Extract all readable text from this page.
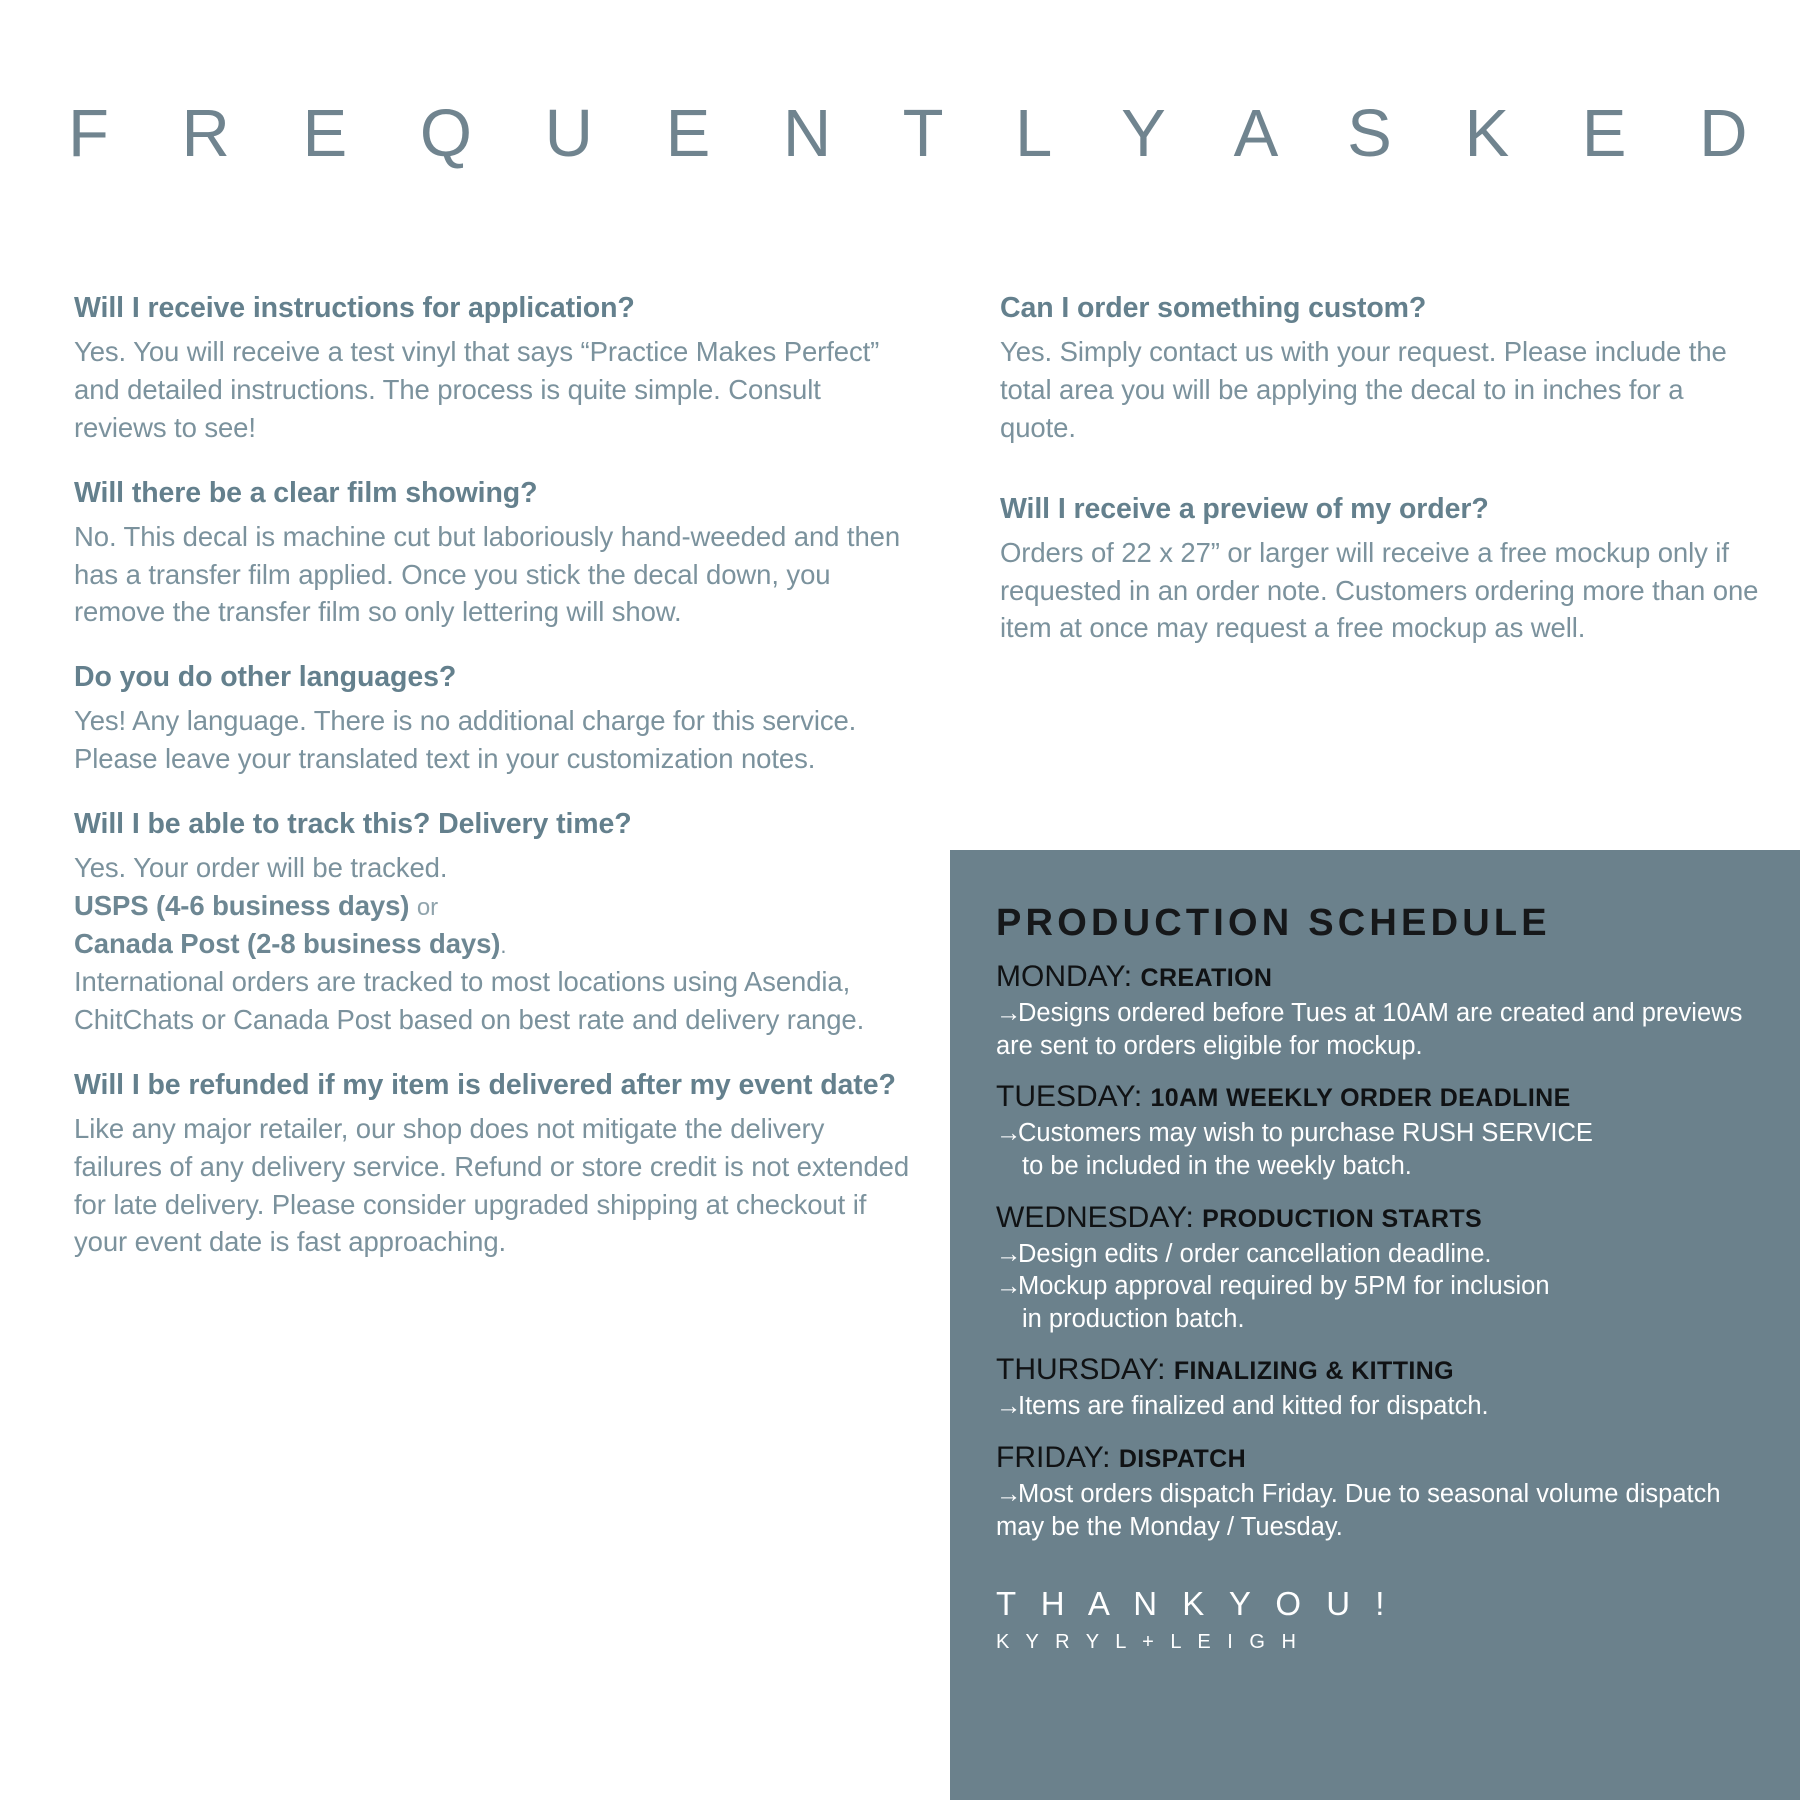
F R E Q U E N T L Y A S K E D
Will I receive instructions for application?
Yes. You will receive a test vinyl that says “Practice Makes Perfect” and detailed instructions. The process is quite simple. Consult reviews to see!
Will there be a clear film showing?
No. This decal is machine cut but laboriously hand-weeded and then has a transfer film applied. Once you stick the decal down, you remove the transfer film so only lettering will show.
Do you do other languages?
Yes! Any language. There is no additional charge for this service. Please leave your translated text in your customization notes.
Will I be able to track this? Delivery time?
Yes. Your order will be tracked.
USPS (4-6 business days) or
Canada Post (2-8 business days).
International orders are tracked to most locations using Asendia, ChitChats or Canada Post based on best rate and delivery range.
Will I be refunded if my item is delivered after my event date?
Like any major retailer, our shop does not mitigate the delivery failures of any delivery service. Refund or store credit is not extended for late delivery. Please consider upgraded shipping at checkout if your event date is fast approaching.
Can I order something custom?
Yes. Simply contact us with your request. Please include the total area you will be applying the decal to in inches for a quote.
Will I receive a preview of my order?
Orders of 22 x 27” or larger will receive a free mockup only if requested in an order note. Customers ordering more than one item at once may request a free mockup as well.
PRODUCTION SCHEDULE
MONDAY: CREATION
→Designs ordered before Tues at 10AM are created and previews are sent to orders eligible for mockup.
TUESDAY: 10AM WEEKLY ORDER DEADLINE
→Customers may wish to purchase RUSH SERVICE
to be included in the weekly batch.
WEDNESDAY: PRODUCTION STARTS
→Design edits / order cancellation deadline.
→Mockup approval required by 5PM for inclusion
in production batch.
THURSDAY: FINALIZING & KITTING
→Items are finalized and kitted for dispatch.
FRIDAY: DISPATCH
→Most orders dispatch Friday. Due to seasonal volume dispatch may be the Monday / Tuesday.
T H A N K Y O U !
K Y R Y L + L E I G H
